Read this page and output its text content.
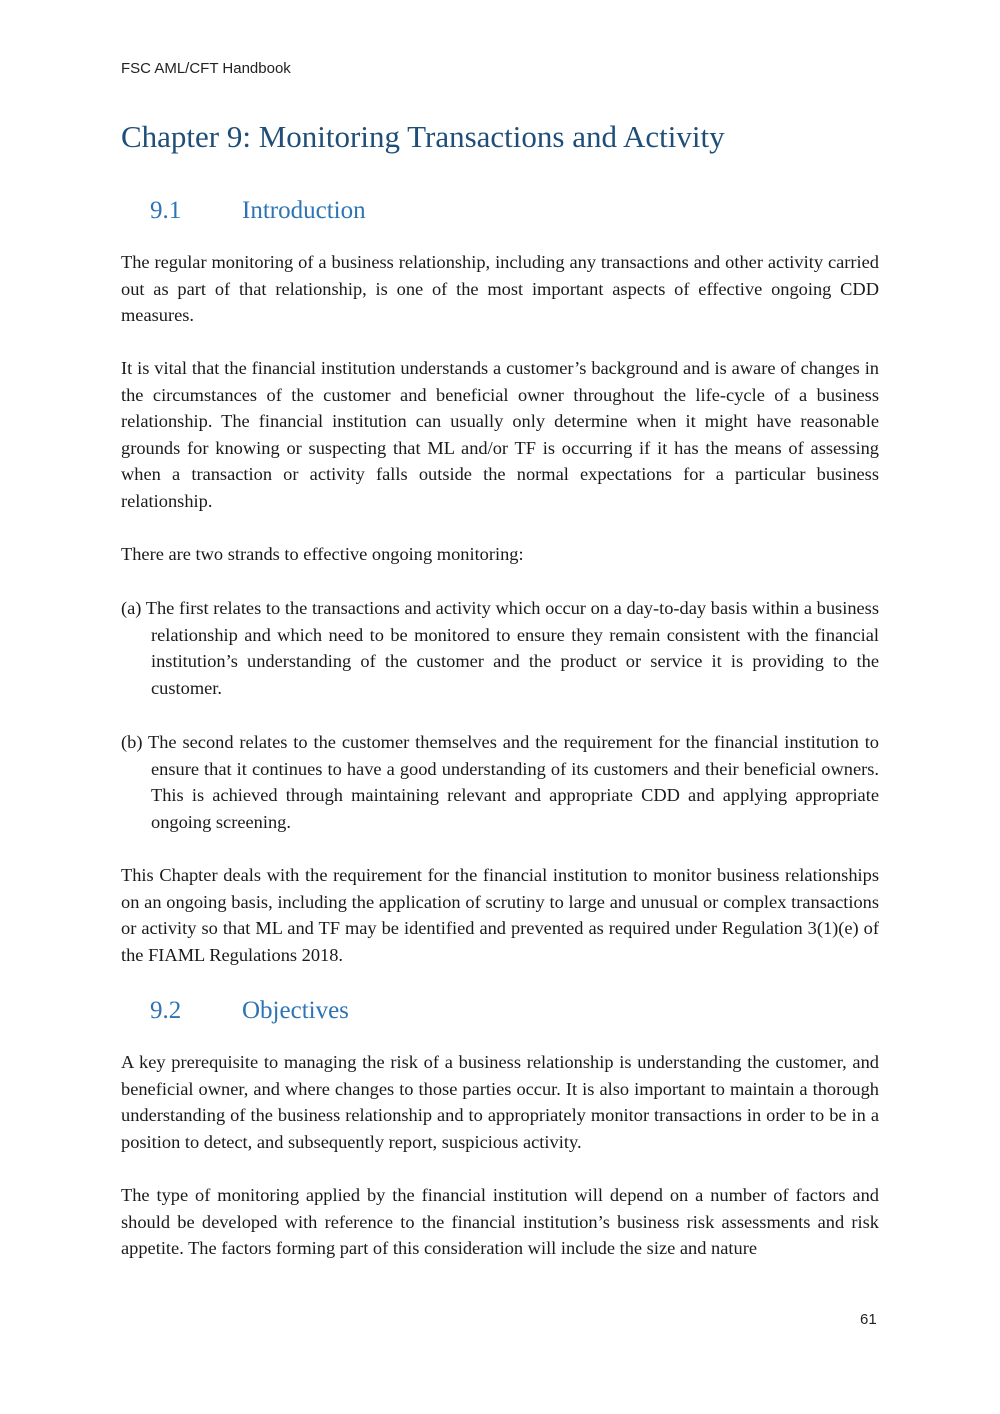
FSC AML/CFT Handbook
Chapter 9: Monitoring Transactions and Activity
9.1 Introduction

The regular monitoring of a business relationship, including any transactions and other activity carried out as part of that relationship, is one of the most important aspects of effective ongoing CDD measures.

It is vital that the financial institution understands a customer’s background and is aware of changes in the circumstances of the customer and beneficial owner throughout the life-cycle of a business relationship. The financial institution can usually only determine when it might have reasonable grounds for knowing or suspecting that ML and/or TF is occurring if it has the means of assessing when a transaction or activity falls outside the normal expectations for a particular business relationship.

There are two strands to effective ongoing monitoring:

(a) The first relates to the transactions and activity which occur on a day-to-day basis within a business relationship and which need to be monitored to ensure they remain consistent with the financial institution’s understanding of the customer and the product or service it is providing to the customer.

(b) The second relates to the customer themselves and the requirement for the financial institution to ensure that it continues to have a good understanding of its customers and their beneficial owners. This is achieved through maintaining relevant and appropriate CDD and applying appropriate ongoing screening.

This Chapter deals with the requirement for the financial institution to monitor business relationships on an ongoing basis, including the application of scrutiny to large and unusual or complex transactions or activity so that ML and TF may be identified and prevented as required under Regulation 3(1)(e) of the FIAML Regulations 2018.

9.2 Objectives

A key prerequisite to managing the risk of a business relationship is understanding the customer, and beneficial owner, and where changes to those parties occur. It is also important to maintain a thorough understanding of the business relationship and to appropriately monitor transactions in order to be in a position to detect, and subsequently report, suspicious activity.

The type of monitoring applied by the financial institution will depend on a number of factors and should be developed with reference to the financial institution’s business risk assessments and risk appetite. The factors forming part of this consideration will include the size and nature

61
